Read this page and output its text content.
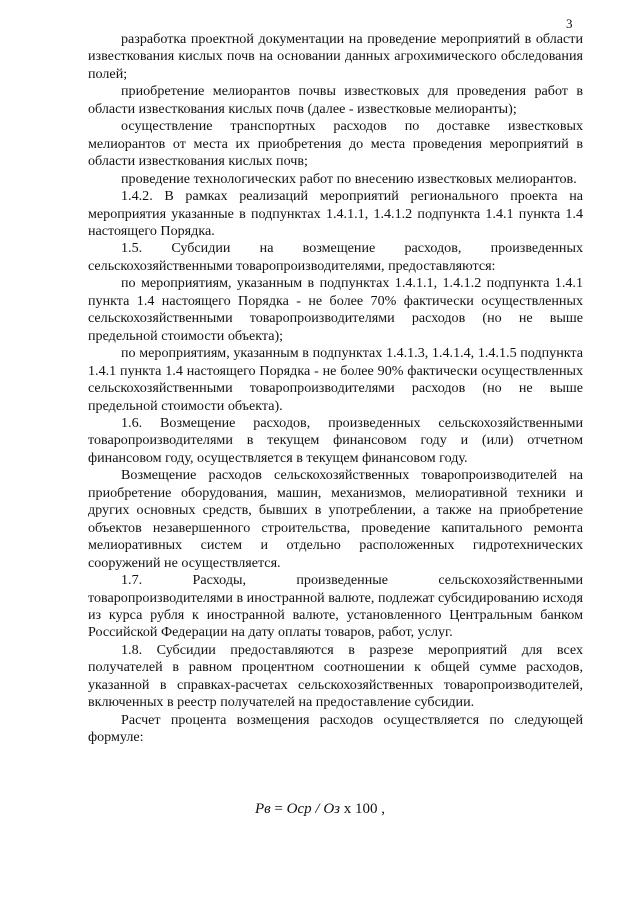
3

разработка проектной документации на проведение мероприятий в области известкования кислых почв на основании данных агрохимического обследования полей;

приобретение мелиорантов почвы известковых для проведения работ в области известкования кислых почв (далее - известковые мелиоранты);

осуществление транспортных расходов по доставке известковых мелиорантов от места их приобретения до места проведения мероприятий в области известкования кислых почв;

проведение технологических работ по внесению известковых мелиорантов.

1.4.2. В рамках реализаций мероприятий регионального проекта на мероприятия указанные в подпунктах 1.4.1.1, 1.4.1.2 подпункта 1.4.1 пункта 1.4 настоящего Порядка.

1.5. Субсидии на возмещение расходов, произведенных сельскохозяйственными товаропроизводителями, предоставляются:

по мероприятиям, указанным в подпунктах 1.4.1.1, 1.4.1.2 подпункта 1.4.1 пункта 1.4 настоящего Порядка - не более 70% фактически осуществленных сельскохозяйственными товаропроизводителями расходов (но не выше предельной стоимости объекта);

по мероприятиям, указанным в подпунктах 1.4.1.3, 1.4.1.4, 1.4.1.5 подпункта 1.4.1 пункта 1.4 настоящего Порядка - не более 90% фактически осуществленных сельскохозяйственными товаропроизводителями расходов (но не выше предельной стоимости объекта).

1.6. Возмещение расходов, произведенных сельскохозяйственными товаропроизводителями в текущем финансовом году и (или) отчетном финансовом году, осуществляется в текущем финансовом году.

Возмещение расходов сельскохозяйственных товаропроизводителей на приобретение оборудования, машин, механизмов, мелиоративной техники и других основных средств, бывших в употреблении, а также на приобретение объектов незавершенного строительства, проведение капитального ремонта мелиоративных систем и отдельно расположенных гидротехнических сооружений не осуществляется.

1.7. Расходы, произведенные сельскохозяйственными товаропроизводителями в иностранной валюте, подлежат субсидированию исходя из курса рубля к иностранной валюте, установленного Центральным банком Российской Федерации на дату оплаты товаров, работ, услуг.

1.8. Субсидии предоставляются в разрезе мероприятий для всех получателей в равном процентном соотношении к общей сумме расходов, указанной в справках-расчетах сельскохозяйственных товаропроизводителей, включенных в реестр получателей на предоставление субсидии.

Расчет процента возмещения расходов осуществляется по следующей формуле:

Рв = Оср / Оз х 100 ,
